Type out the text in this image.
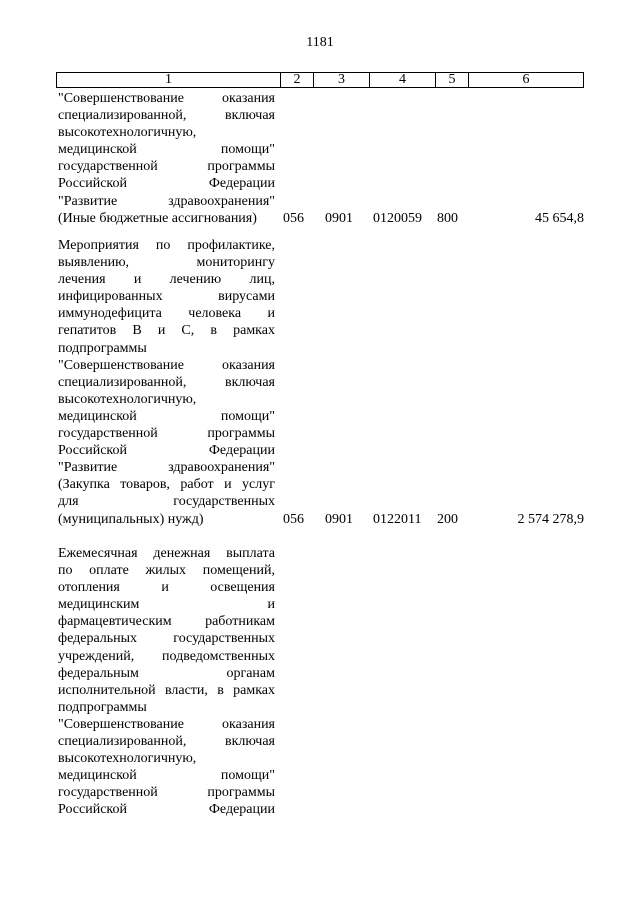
1181
1	2	3	4	5	6
"Совершенствование оказания
специализированной, включая
высокотехнологичную,
медицинской помощи"
государственной программы
Российской Федерации
"Развитие здравоохранения"
(Иные бюджетные ассигнования)	056 0901 0120059 800	45 654,8
Мероприятия по профилактике,
выявлению, мониторингу
лечения и лечению лиц,
инфицированных вирусами
иммунодефицита человека и
гепатитов В и С, в рамках
подпрограммы
"Совершенствование оказания
специализированной, включая
высокотехнологичную,
медицинской помощи"
государственной программы
Российской Федерации
"Развитие здравоохранения"
(Закупка товаров, работ и услуг
для государственных
(муниципальных) нужд)	056 0901 0122011 200	2 574 278,9
Ежемесячная денежная выплата
по оплате жилых помещений,
отопления и освещения
медицинским и
фармацевтическим работникам
федеральных государственных
учреждений, подведомственных
федеральным органам
исполнительной власти, в рамках
подпрограммы
"Совершенствование оказания
специализированной, включая
высокотехнологичную,
медицинской помощи"
государственной программы
Российской Федерации
